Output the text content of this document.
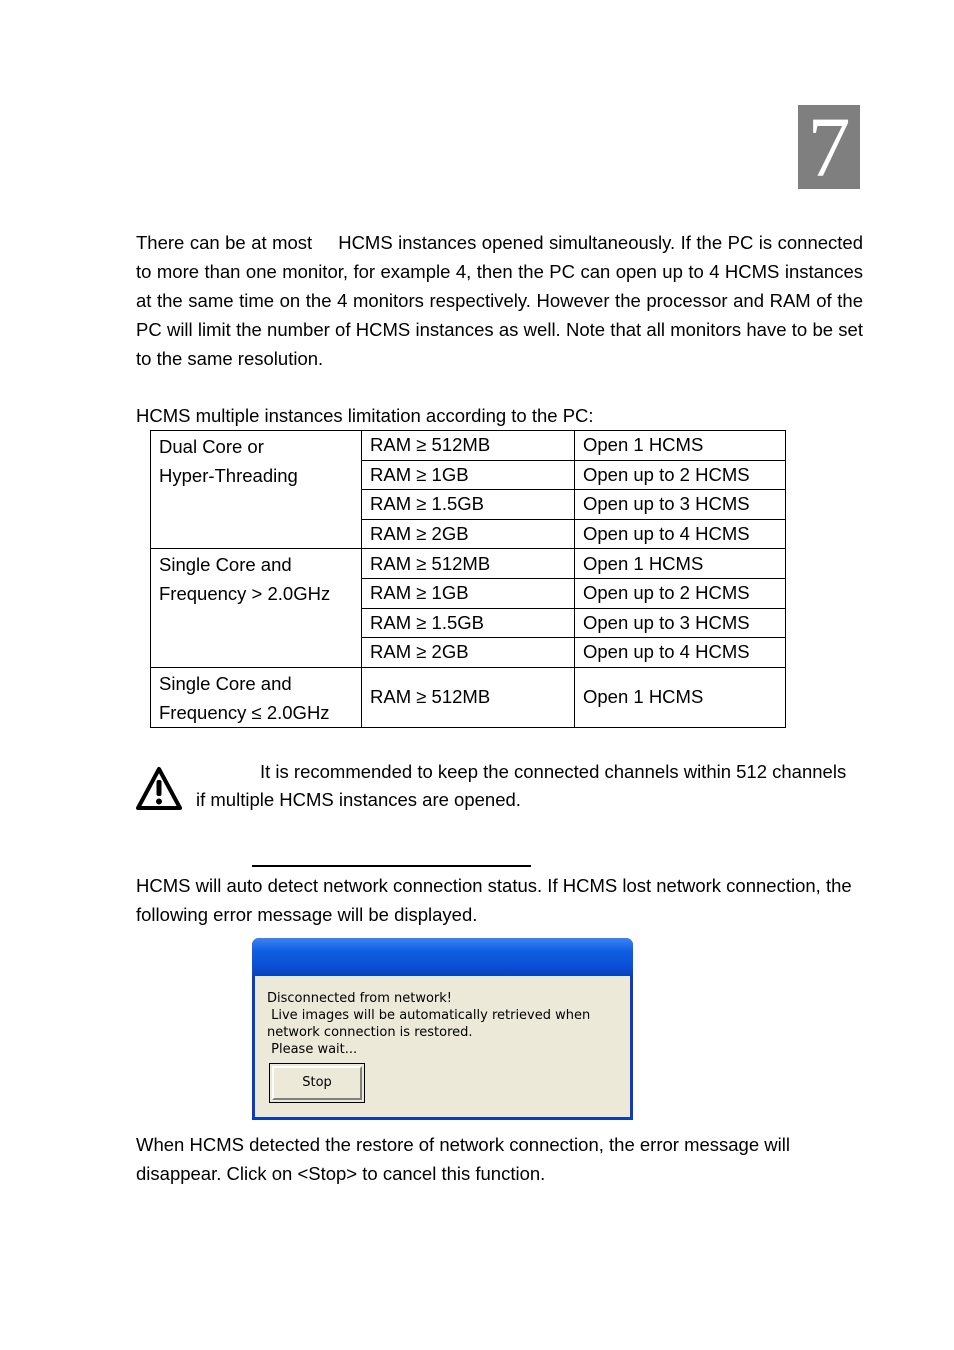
7
There can be at most HCMS instances opened simultaneously. If the PC is connected to more than one monitor, for example 4, then the PC can open up to 4 HCMS instances at the same time on the 4 monitors respectively. However the processor and RAM of the PC will limit the number of HCMS instances as well. Note that all monitors have to be set to the same resolution.
HCMS multiple instances limitation according to the PC:
Dual Core or
Hyper-Threading	RAM ≥ 512MB	Open 1 HCMS
	RAM ≥ 1GB	Open up to 2 HCMS
	RAM ≥ 1.5GB	Open up to 3 HCMS
	RAM ≥ 2GB	Open up to 4 HCMS
Single Core and
Frequency > 2.0GHz	RAM ≥ 512MB	Open 1 HCMS
	RAM ≥ 1GB	Open up to 2 HCMS
	RAM ≥ 1.5GB	Open up to 3 HCMS
	RAM ≥ 2GB	Open up to 4 HCMS
Single Core and
Frequency ≤ 2.0GHz	RAM ≥ 512MB	Open 1 HCMS
It is recommended to keep the connected channels within 512 channels
if multiple HCMS instances are opened.
HCMS will auto detect network connection status. If HCMS lost network connection, the following error message will be displayed.
Disconnected from network!
Live images will be automatically retrieved when
network connection is restored.
Please wait...
Stop
When HCMS detected the restore of network connection, the error message will disappear. Click on <Stop> to cancel this function.
